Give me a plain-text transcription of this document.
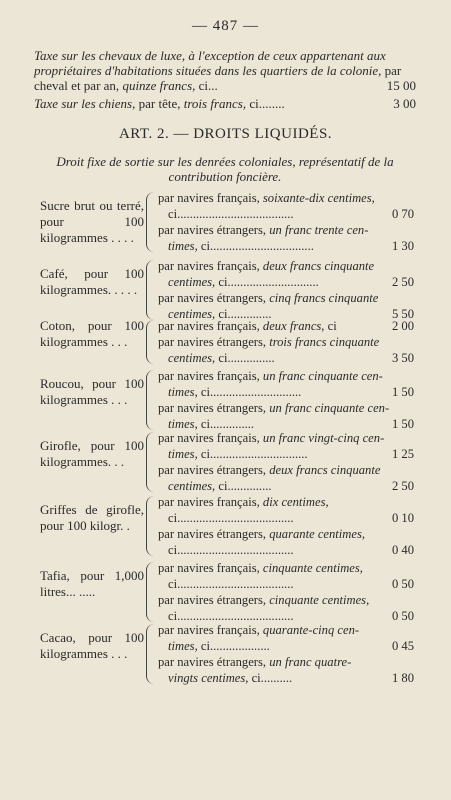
— 487 —
Taxe sur les chevaux de luxe, à l'exception de ceux appartenant aux propriétaires d'habitations situées dans les quartiers de la colonie, par cheval et par an, quinze francs, ci...	15 00
Taxe sur les chiens, par tête, trois francs, ci........	3 00
ART. 2. — DROITS LIQUIDÉS.
Droit fixe de sortie sur les denrées coloniales, représentatif de la contribution foncière.
Sucre brut ou terré, pour 100 kilogrammes . . . .
par navires français, soixante-dix centimes,
ci.....................................	0 70
par navires étrangers, un franc trente cen-
times, ci.................................	1 30
Café, pour 100 kilogrammes. . . . .
par navires français, deux francs cinquante
centimes, ci.............................	2 50
par navires étrangers, cinq francs cinquante
centimes, ci..............	5 50
Coton, pour 100 kilogrammes . . .
par navires français, deux francs, ci	2 00
par navires étrangers, trois francs cinquante
centimes, ci...............	3 50
Roucou, pour 100 kilogrammes . . .
par navires français, un franc cinquante cen-
times, ci.............................	1 50
par navires étrangers, un franc cinquante cen-
times, ci..............	1 50
Girofle, pour 100 kilogrammes. . .
par navires français, un franc vingt-cinq cen-
times, ci...............................	1 25
par navires étrangers, deux francs cinquante
centimes, ci..............	2 50
Griffes de girofle, pour 100 kilogr. .
par navires français, dix centimes,
ci.....................................	0 10
par navires étrangers, quarante centimes,
ci.....................................	0 40
Tafia, pour 1,000 litres... .....
par navires français, cinquante centimes,
ci.....................................	0 50
par navires étrangers, cinquante centimes,
ci.....................................	0 50
Cacao, pour 100 kilogrammes . . .
par navires français, quarante-cinq cen-
times, ci...................	0 45
par navires étrangers, un franc quatre-
vingts centimes, ci..........	1 80
